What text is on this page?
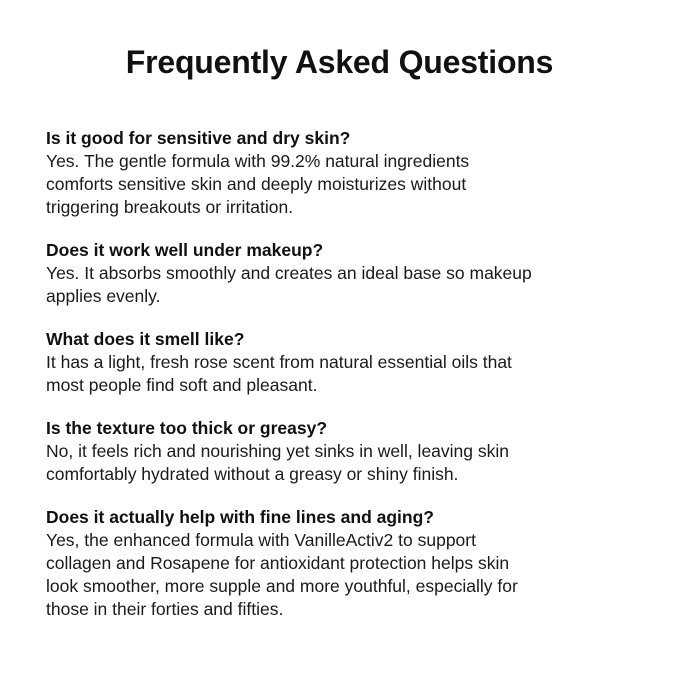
Frequently Asked Questions

Is it good for sensitive and dry skin?

Yes. The gentle formula with 99.2% natural ingredients
comforts sensitive skin and deeply moisturizes without
triggering breakouts or irritation.

Does it work well under makeup?

Yes. It absorbs smoothly and creates an ideal base so makeup
applies evenly.

What does it smell like?

It has a light, fresh rose scent from natural essential oils that
most people find soft and pleasant.

Is the texture too thick or greasy?

No, it feels rich and nourishing yet sinks in well, leaving skin
comfortably hydrated without a greasy or shiny finish.

Does it actually help with fine lines and aging?

Yes, the enhanced formula with VanilleActiv2 to support
collagen and Rosapene for antioxidant protection helps skin
look smoother, more supple and more youthful, especially for
those in their forties and fifties.
